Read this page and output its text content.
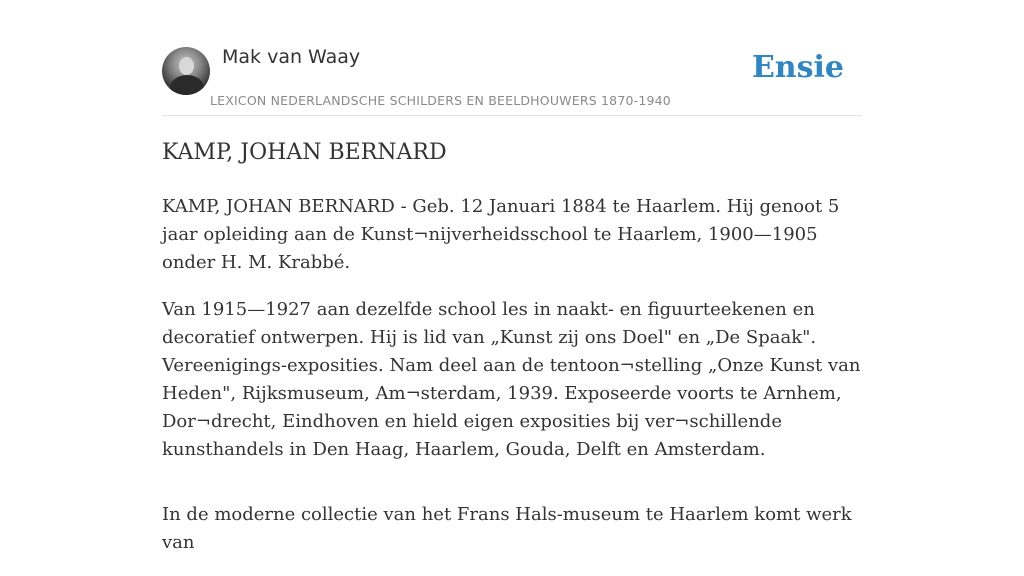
Mak van Waay
LEXICON NEDERLANDSCHE SCHILDERS EN BEELDHOUWERS 1870-1940
Ensie
KAMP, JOHAN BERNARD

KAMP, JOHAN BERNARD - Geb. 12 Januari 1884 te Haarlem. Hij genoot 5 jaar opleiding aan de Kunst¬nijverheidsschool te Haarlem, 1900—1905 onder H. M. Krabbé.

Van 1915—1927 aan dezelfde school les in naakt- en figuurteekenen en decoratief ontwerpen. Hij is lid van „Kunst zij ons Doel" en „De Spaak". Vereenigings-exposities. Nam deel aan de tentoon¬stelling „Onze Kunst van Heden", Rijksmuseum, Am¬sterdam, 1939. Exposeerde voorts te Arnhem, Dor¬drecht, Eindhoven en hield eigen exposities bij ver¬schillende kunsthandels in Den Haag, Haarlem, Gouda, Delft en Amsterdam.

In de moderne collectie van het Frans Hals-museum te Haarlem komt werk van
